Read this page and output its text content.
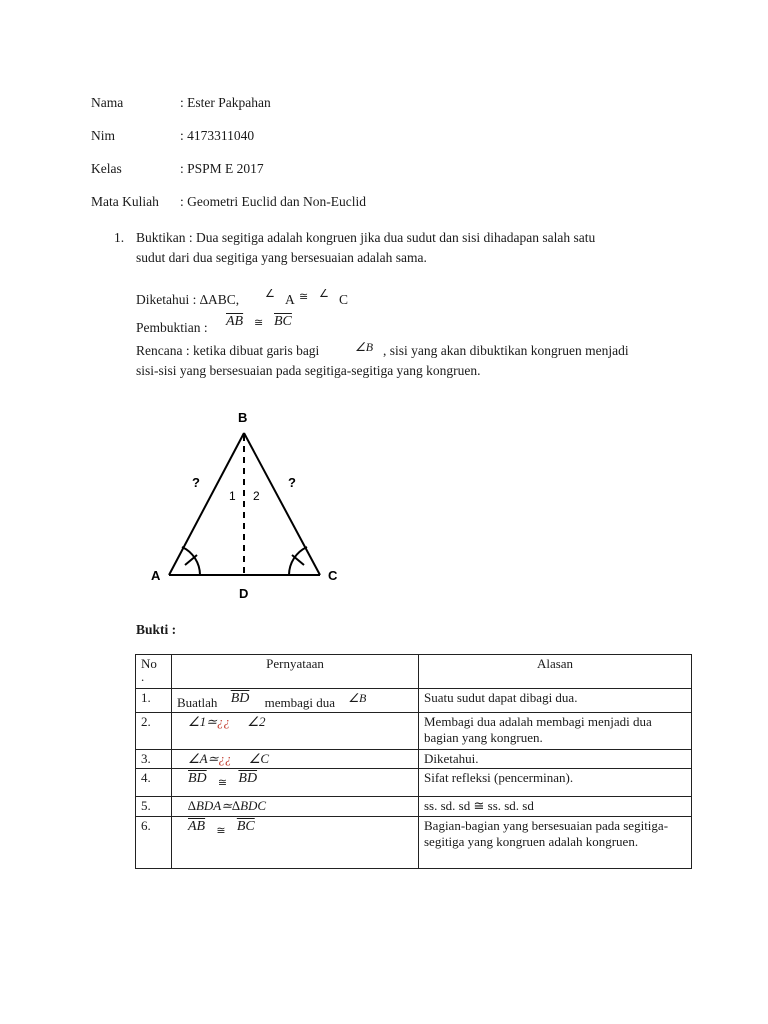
Nama	: Ester Pakpahan
Nim	: 4173311040
Kelas	: PSPM E 2017
Mata Kuliah : Geometri Euclid dan Non-Euclid
1. Buktikan : Dua segitiga adalah kongruen jika dua sudut dan sisi dihadapan salah satu
sudut dari dua segitiga yang bersesuaian adalah sama.
Diketahui : ∆ABC, ∠ A ≅ ∠ C
Pembuktian : $\overline{AB}$ ≅ $\overline{BC}$
Rencana : ketika dibuat garis bagi	∠B , sisi yang akan dibuktikan kongruen menjadi
sisi-sisi yang bersesuaian pada segitiga-segitiga yang kongruen.
B
A	C
D
?	?
1 2
Bukti :
No
.	Pernyataan	Alasan
1.	Buatlah $\overline{BD}$ membagi dua ∠B	Suatu sudut dapat dibagi dua.
2.	∠1≃¿¿ ∠2	Membagi dua adalah membagi menjadi dua bagian yang kongruen.
3.	∠A≃¿¿ ∠C	Diketahui.
4.	$\overline{BD}$ $_≅$ $\overline{BD}$	Sifat refleksi (pencerminan).
5.	∆BDA≃∆BDC	ss. sd. sd ≅ ss. sd. sd
6.	$\overline{AB}$ $_≅$ $\overline{BC}$	Bagian-bagian yang bersesuaian pada segitiga-segitiga yang kongruen adalah kongruen.
